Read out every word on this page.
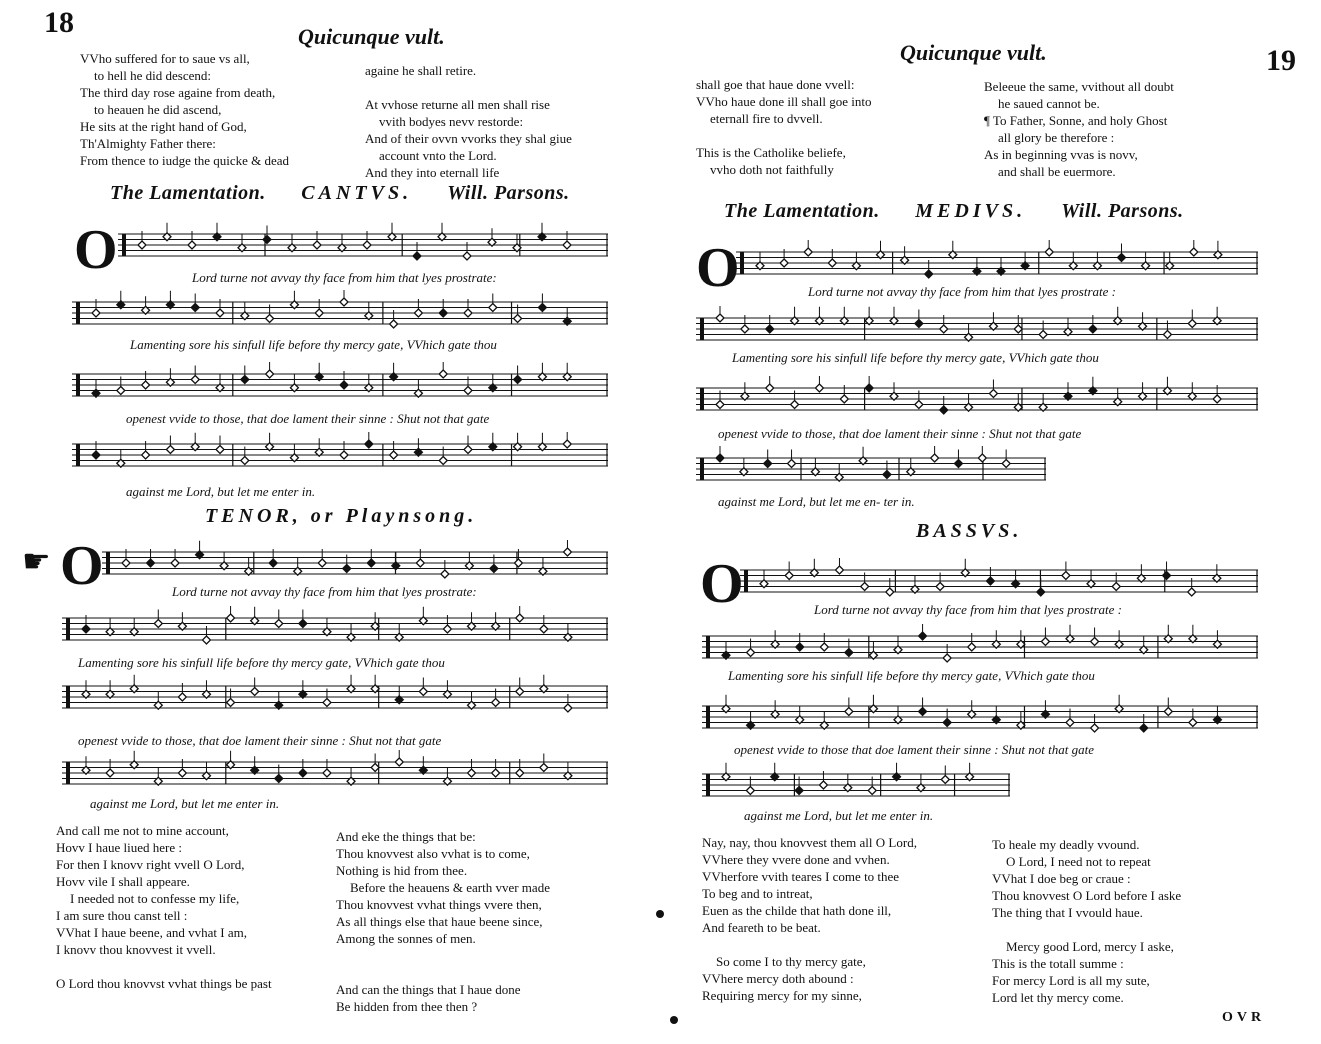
18	Quicunque vult.
VVho suffered for to saue vs all,
to hell he did descend:
The third day rose againe from death,
to heauen he did ascend,
He sits at the right hand of God,
Th'Almighty Father there:
From thence to iudge the quicke & dead
againe he shall retire.

At vvhose returne all men shall rise
vvith bodyes nevv restorde:
And of their ovvn vvorks they shal giue
account vnto the Lord.
And they into eternall life
The Lamentation. CANTVS. Will. Parsons.
O	Lord turne not avvay thy face from him that lyes prostrate:
Lamenting sore his sinfull life before thy mercy gate, VVhich gate thou
openest vvide to those, that doe lament their sinne : Shut not that gate
against me Lord, but let me enter in.
TENOR, or Playnsong.
☛ O	Lord turne not avvay thy face from him that lyes prostrate:
Lamenting sore his sinfull life before thy mercy gate, VVhich gate thou
openest vvide to those, that doe lament their sinne : Shut not that gate
against me Lord, but let me enter in.
And call me not to mine account,
Hovv I haue liued here :
For then I knovv right vvell O Lord,
Hovv vile I shall appeare.
I needed not to confesse my life,
I am sure thou canst tell :
VVhat I haue beene, and vvhat I am,
I knovv thou knovvest it vvell.

O Lord thou knovvst vvhat things be past
And eke the things that be:
Thou knovvest also vvhat is to come,
Nothing is hid from thee.
Before the heauens & earth vver made
Thou knovvest vvhat things vvere then,
As all things else that haue beene since,
Among the sonnes of men.

And can the things that I haue done
Be hidden from thee then ?
19
Quicunque vult.
shall goe that haue done vvell:
VVho haue done ill shall goe into
eternall fire to dvvell.

This is the Catholike beliefe,
vvho doth not faithfully
Beleeue the same, vvithout all doubt
he saued cannot be.
¶ To Father, Sonne, and holy Ghost
all glory be therefore :
As in beginning vvas is novv,
and shall be euermore.
The Lamentation. MEDIVS. Will. Parsons.
O	Lord turne not avvay thy face from him that lyes prostrate :
Lamenting sore his sinfull life before thy mercy gate, VVhich gate thou
openest vvide to those, that doe lament their sinne : Shut not that gate
against me Lord, but let me en- ter in.
BASSVS.
O	Lord turne not avvay thy face from him that lyes prostrate :
Lamenting sore his sinfull life before thy mercy gate, VVhich gate thou
openest vvide to those that doe lament their sinne : Shut not that gate
against me Lord, but let me enter in.
Nay, nay, thou knovvest them all O Lord,
VVhere they vvere done and vvhen.
VVherfore vvith teares I come to thee
To beg and to intreat,
Euen as the childe that hath done ill,
And feareth to be beat.

So come I to thy mercy gate,
VVhere mercy doth abound :
Requiring mercy for my sinne,
To heale my deadly vvound.
O Lord, I need not to repeat
VVhat I doe beg or craue :
Thou knovvest O Lord before I aske
The thing that I vvould haue.

Mercy good Lord, mercy I aske,
This is the totall summe :
For mercy Lord is all my sute,
Lord let thy mercy come.
OVR
